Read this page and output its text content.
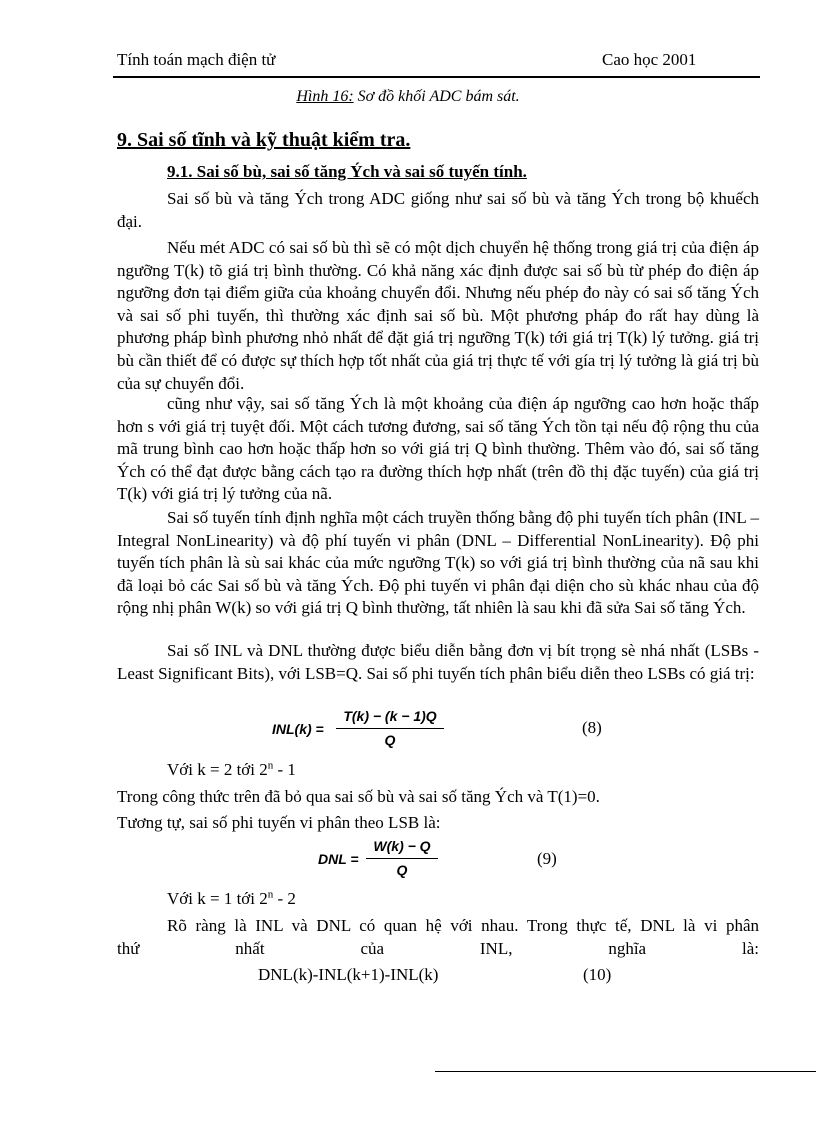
Tính toán mạch điện tử	Cao học 2001
Hình 16: Sơ đồ khối ADC bám sát.
9. Sai số tĩnh và kỹ thuật kiểm tra.
9.1. Sai số bù, sai số tăng Ých và sai số tuyến tính.

Sai số bù và tăng Ých trong ADC giống như sai số bù và tăng Ých trong bộ khuếch đại.

Nếu mét ADC có sai số bù thì sẽ có một dịch chuyển hệ thống trong giá trị của điện áp ngưỡng T(k) tõ giá trị bình thường. Có khả năng xác định được sai số bù từ phép đo điện áp ngưỡng đơn tại điểm giữa của khoảng chuyển đổi. Nhưng nếu phép đo này có sai số tăng Ých và sai số phi tuyến, thì thường xác định sai số bù. Một phương pháp đo rất hay dùng là phương pháp bình phương nhỏ nhất để đặt giá trị ngưỡng T(k) tới giá trị T(k) lý tưởng. giá trị bù cần thiết để có được sự thích hợp tốt nhất của giá trị thực tế với gía trị lý tưởng là giá trị bù của sự chuyển đổi.

cũng như vậy, sai số tăng Ých là một khoảng của điện áp ngưỡng cao hơn hoặc thấp hơn s với giá trị tuyệt đối. Một cách tương đương, sai số tăng Ých tồn tại nếu độ rộng thu của mã trung bình cao hơn hoặc thấp hơn so với giá trị Q bình thường. Thêm vào đó, sai số tăng Ých có thể đạt được bằng cách tạo ra đường thích hợp nhất (trên đồ thị đặc tuyến) của giá trị T(k) với giá trị lý tưởng của nã.

Sai số tuyến tính định nghĩa một cách truyền thống bằng độ phi tuyến tích phân (INL – Integral NonLinearity) và độ phí tuyến vi phân (DNL – Differential NonLinearity). Độ phi tuyến tích phân là sù sai khác của mức ngưỡng T(k) so với giá trị bình thường của nã sau khi đã loại bỏ các Sai số bù và tăng Ých. Độ phi tuyến vi phân đại diện cho sù khác nhau của độ rộng nhị phân W(k) so với giá trị Q bình thường, tất nhiên là sau khi đã sửa Sai số tăng Ých.

Sai số INL và DNL thường được biểu diễn bằng đơn vị bít trọng sè nhá nhất (LSBs - Least Significant Bits), với LSB=Q. Sai số phi tuyến tích phân biểu diễn theo LSBs có giá trị:

INL(k) =
T(k) − (k − 1)Q
Q
(8)

Với k = 2 tới 2$^n$ - 1

Trong công thức trên đã bỏ qua sai số bù và sai số tăng Ých và T(1)=0.

Tương tự, sai số phi tuyến vi phân theo LSB là:

DNL =
W(k) − Q
Q
(9)

Với k = 1 tới 2$^n$ - 2

Rõ ràng là INL và DNL có quan hệ với nhau. Trong thực tế, DNL là vi phân

thứ	nhất	của	INL,	nghĩa	là:

DNL(k)-INL(k+1)-INL(k)	(10)
